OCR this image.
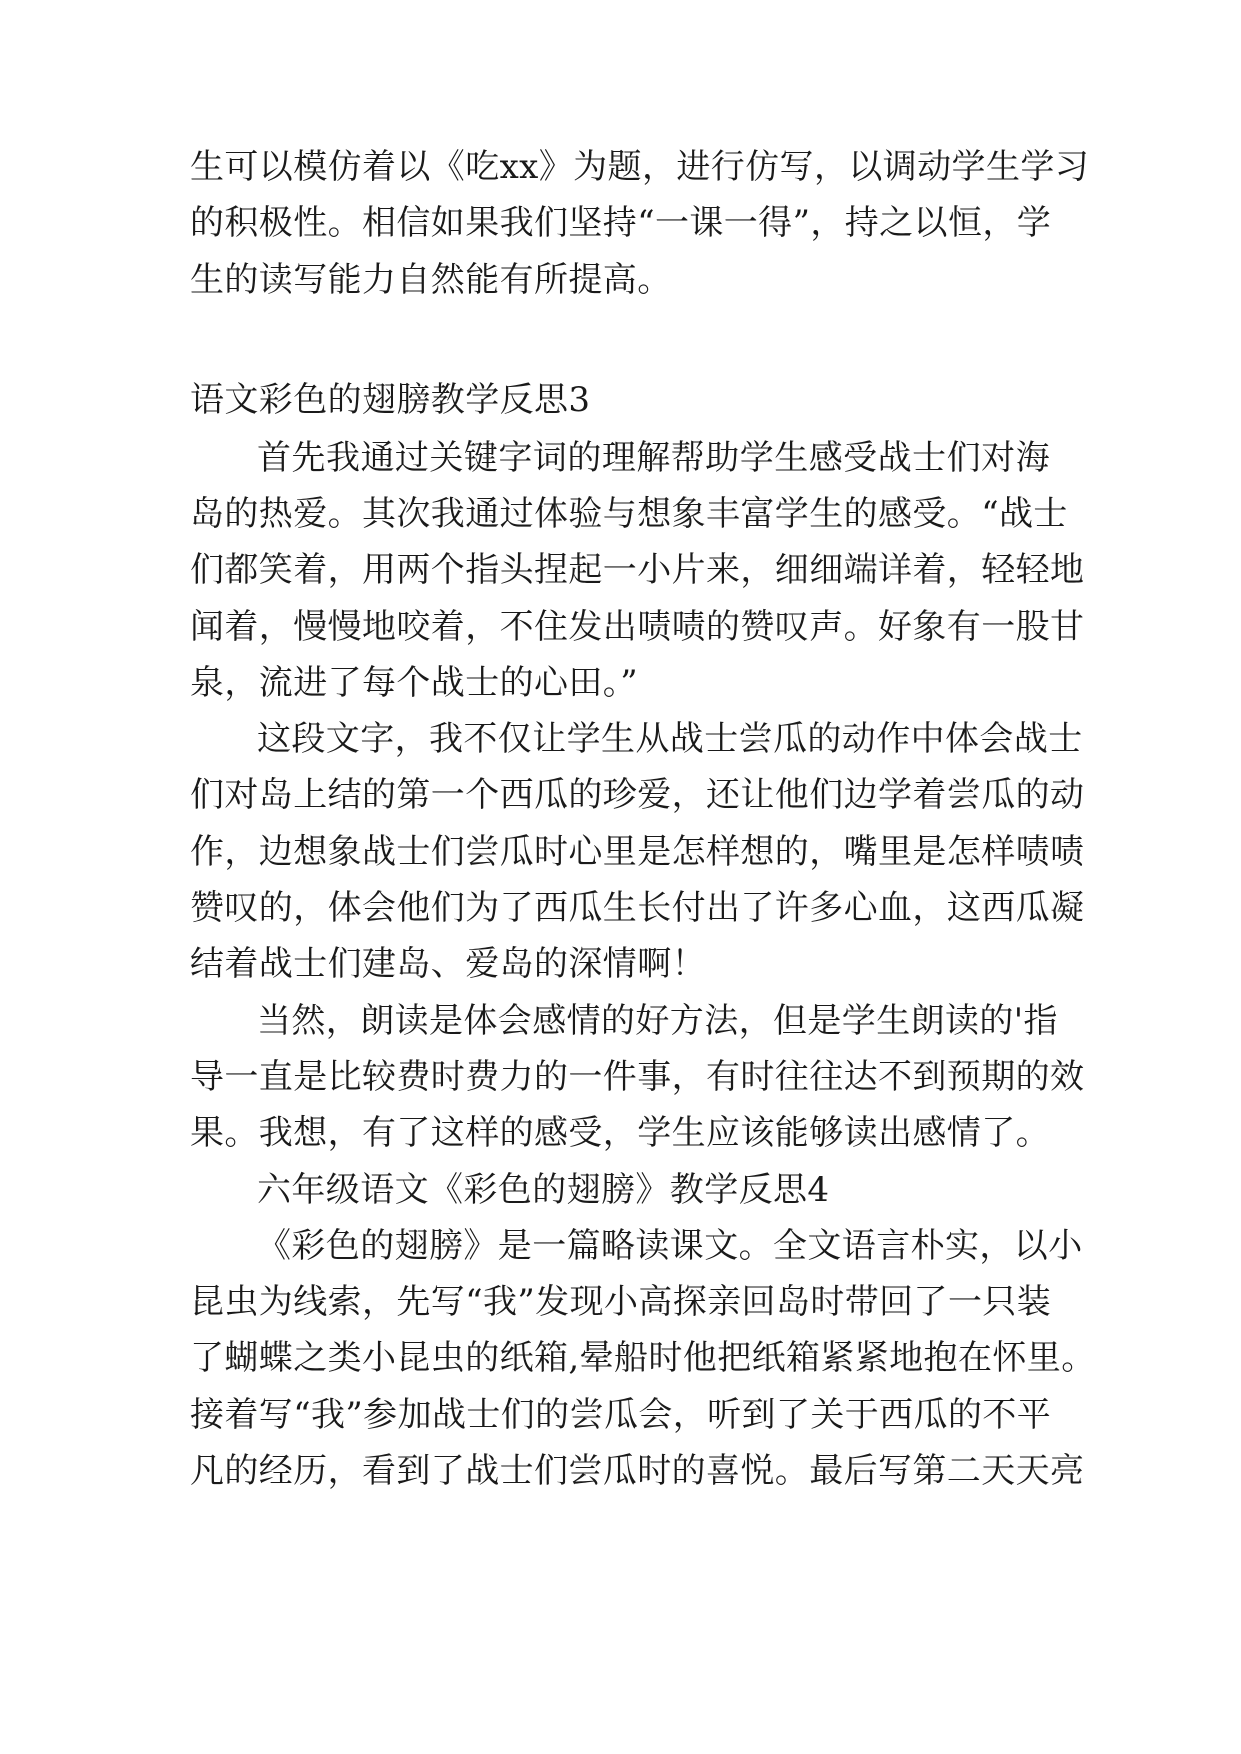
生可以模仿着以《吃xx》为题，进行仿写，以调动学生学习
的积极性。相信如果我们坚持“一课一得”，持之以恒，学
生的读写能力自然能有所提高。
语文彩色的翅膀教学反思3
首先我通过关键字词的理解帮助学生感受战士们对海
岛的热爱。其次我通过体验与想象丰富学生的感受。“战士
们都笑着，用两个指头捏起一小片来，细细端详着，轻轻地
闻着，慢慢地咬着，不住发出啧啧的赞叹声。好象有一股甘
泉，流进了每个战士的心田。”
这段文字，我不仅让学生从战士尝瓜的动作中体会战士
们对岛上结的第一个西瓜的珍爱，还让他们边学着尝瓜的动
作，边想象战士们尝瓜时心里是怎样想的，嘴里是怎样啧啧
赞叹的，体会他们为了西瓜生长付出了许多心血，这西瓜凝
结着战士们建岛、爱岛的深情啊！
当然，朗读是体会感情的好方法，但是学生朗读的'指
导一直是比较费时费力的一件事，有时往往达不到预期的效
果。我想，有了这样的感受，学生应该能够读出感情了。
六年级语文《彩色的翅膀》教学反思4
《彩色的翅膀》是一篇略读课文。全文语言朴实，以小
昆虫为线索，先写“我”发现小高探亲回岛时带回了一只装
了蝴蝶之类小昆虫的纸箱,晕船时他把纸箱紧紧地抱在怀里。
接着写“我”参加战士们的尝瓜会，听到了关于西瓜的不平
凡的经历，看到了战士们尝瓜时的喜悦。最后写第二天天亮
